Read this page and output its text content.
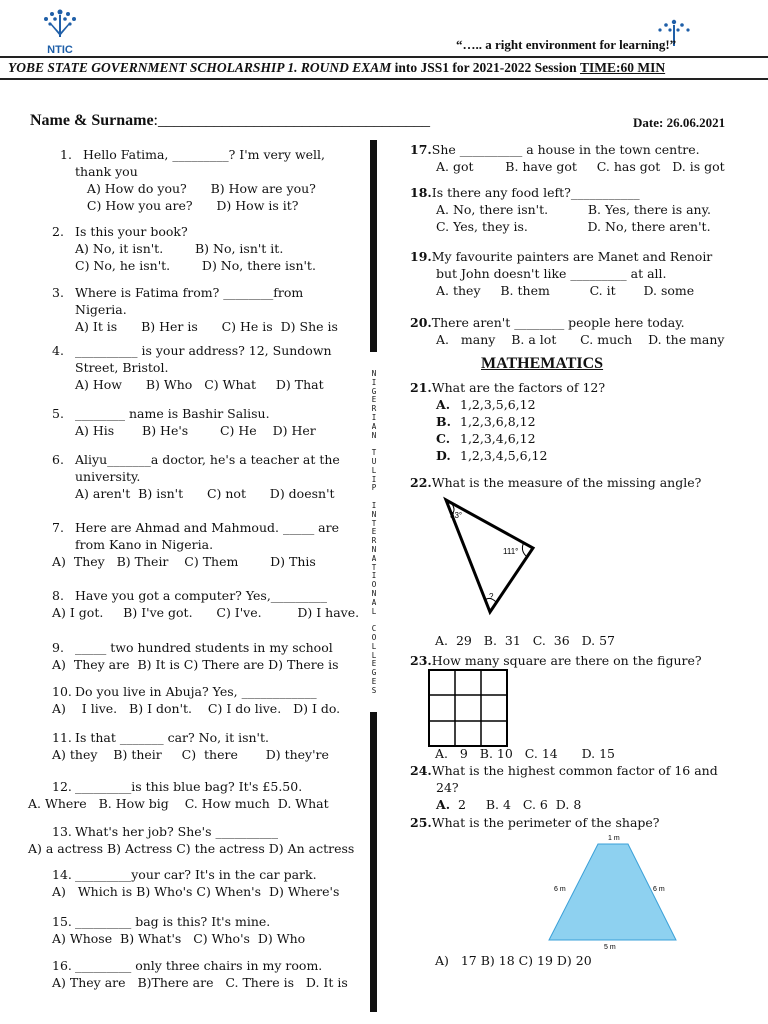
NTIC	“….. a right environment for learning!”
YOBE STATE GOVERNMENT SCHOLARSHIP 1. ROUND EXAM
into JSS1 for 2021-2022 Session
TIME:60 MIN
Name & Surname:__________________________________	Date: 26.06.2021
N
I
G
E
R
I
A
N

T
U
L
I
P

I
N
T
E
R
N
A
T
I
O
N
A
L

C
O
L
L
E
G
E
S
1. Hello Fatima, _________? I'm very well,
thank you
A) How do you?      B) How are you?
C) How you are?      D) How is it?
2. Is this your book?
A) No, it isn't.        B) No, isn't it.
C) No, he isn't.        D) No, there isn't.
3. Where is Fatima from? ________from
Nigeria.
A) It is      B) Her is      C) He is  D) She is
4. __________ is your address? 12, Sundown
Street, Bristol.
A) How      B) Who   C) What     D) That
5. ________ name is Bashir Salisu.
A) His       B) He's        C) He    D) Her
6. Aliyu_______a doctor, he's a teacher at the
university.
A) aren't  B) isn't      C) not      D) doesn't
7. Here are Ahmad and Mahmoud. _____ are
from Kano in Nigeria.
A)  They   B) Their    C) Them        D) This
8. Have you got a computer? Yes,_________
A) I got.     B) I've got.      C) I've.         D) I have.
9. _____ two hundred students in my school
A)  They are  B) It is C) There are D) There is
10. Do you live in Abuja? Yes, ____________
A)    I live.   B) I don't.    C) I do live.   D) I do.
11. Is that _______ car? No, it isn't.
A) they    B) their     C)  there       D) they're
12. _________is this blue bag? It's £5.50.
A. Where   B. How big    C. How much  D. What
13. What's her job? She's __________
A) a actress B) Actress C) the actress D) An actress
14. _________your car? It's in the car park.
A)   Which is B) Who's C) When's  D) Where's
15. _________ bag is this? It's mine.
A) Whose  B) What's   C) Who's  D) Who
16. _________ only three chairs in my room.
A) They are   B)There are   C. There is   D. It is
17.She __________ a house in the town centre.
A. got        B. have got     C. has got   D. is got
18.Is there any food left?___________
A. No, there isn't.          B. Yes, there is any.
C. Yes, they is.               D. No, there aren't.
19.My favourite painters are Manet and Renoir
but John doesn't like _________ at all.
A. they     B. them          C. it       D. some
20.There aren't ________ people here today.
A.   many    B. a lot      C. much    D. the many
MATHEMATICS
21.What are the factors of 12?
A. 1,2,3,5,6,12
B. 1,2,3,6,8,12
C. 1,2,3,4,6,12
D. 1,2,3,4,5,6,12
22.What is the measure of the missing angle?
33°
111°
?
A.  29   B.  31   C.  36   D. 57
23.How many square are there on the figure?
A.   9   B. 10   C. 14      D. 15
24.What is the highest common factor of 16 and
24?
A.  2     B. 4   C. 6  D. 8
25.What is the perimeter of the shape?
1 m
6 m	6 m
5 m
A)   17 B) 18 C) 19 D) 20
